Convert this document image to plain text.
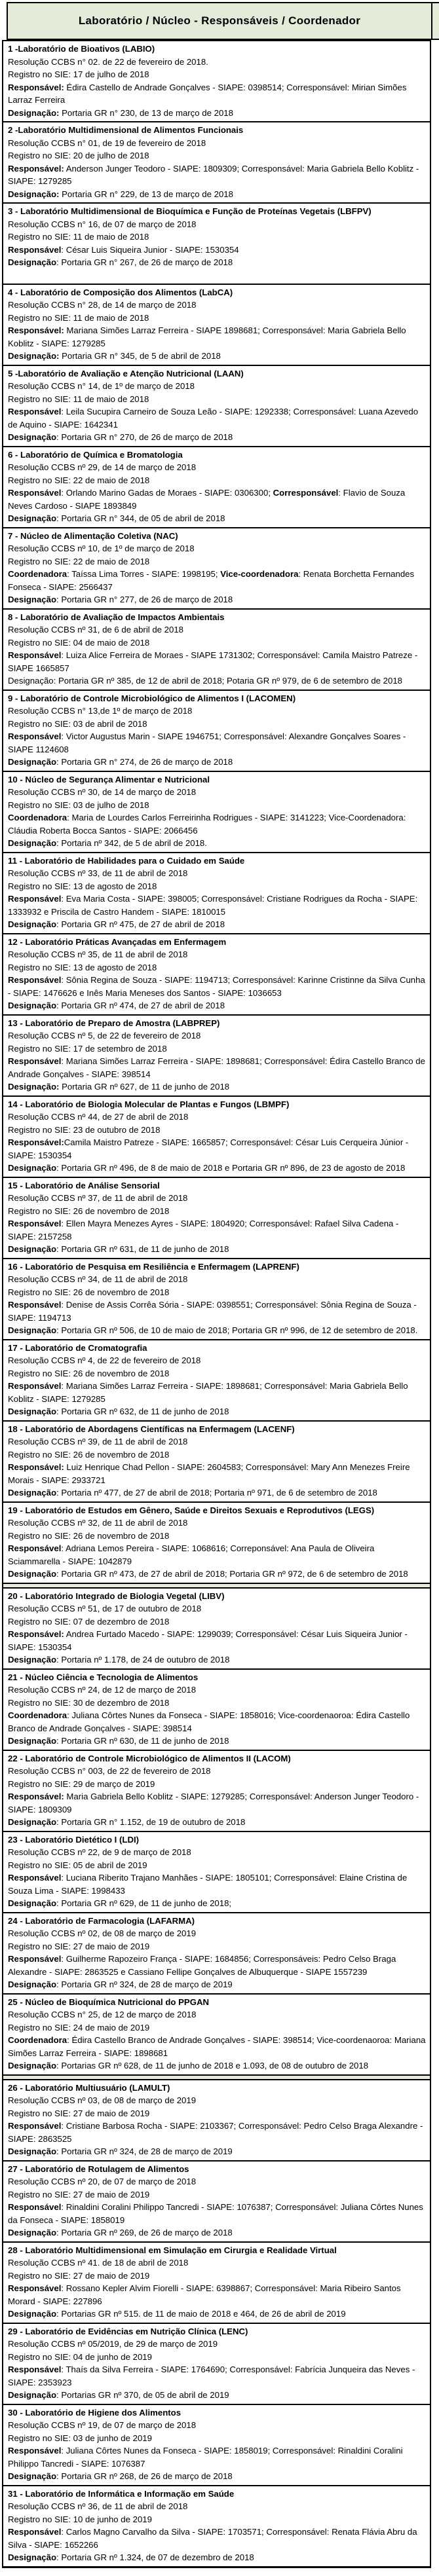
Laboratório / Núcleo - Responsáveis / Coordenador

1 -Laboratório de Bioativos (LABIO)

Resolução CCBS n° 02. de 22 de fevereiro de 2018.

Registro no SIE: 17 de julho de 2018

Responsável: Édira Castello de Andrade Gonçalves - SIAPE: 0398514; Corresponsável: Mirian Simões Larraz Ferreira

Designação: Portaria GR n° 230, de 13 de março de 2018

2 -Laboratório Multidimensional de Alimentos Funcionais

Resolução CCBS n° 01, de 19 de fevereiro de 2018

Registro no SIE: 20 de julho de 2018

Responsável: Anderson Junger Teodoro - SIAPE: 1809309; Corresponsável: Maria Gabriela Bello Koblitz - SIAPE: 1279285

Designação: Portaria GR n° 229, de 13 de março de 2018

3 - Laboratório Multidimensional de Bioquímica e Função de Proteínas Vegetais (LBFPV)

Resolução CCBS n° 16, de 07 de março de 2018

Registro no SIE: 11 de maio de 2018

Responsável: César Luis Siqueira Junior - SIAPE: 1530354

Designação: Portaria GR n° 267, de 26 de março de 2018

4 - Laboratório de Composição dos Alimentos (LabCA)

Resolução CCBS n° 28, de 14 de março de 2018

Registro no SIE: 11 de maio de 2018

Responsável: Mariana Simões Larraz Ferreira - SIAPE 1898681; Corresponsável: Maria Gabriela Bello Koblitz - SIAPE: 1279285

Designação: Portaria GR n° 345, de 5 de abril de 2018

5 -Laboratório de Avaliação e Atenção Nutricional (LAAN)

Resolução CCBS n° 14, de 1º de março de 2018

Registro no SIE: 11 de maio de 2018

Responsável: Leila Sucupira Carneiro de Souza Leão - SIAPE: 1292338; Corresponsável: Luana Azevedo de Aquino - SIAPE: 1642341

Designação: Portaria GR n° 270, de 26 de março de 2018

6 - Laboratório de Química e Bromatologia

Resolução CCBS nº 29, de 14 de março de 2018

Registro no SIE: 22 de maio de 2018

Responsável: Orlando Marino Gadas de Moraes - SIAPE: 0306300; Corresponsável: Flavio de Souza Neves Cardoso - SIAPE 1893849

Designação: Portaria GR n° 344, de 05 de abril de 2018

7 - Núcleo de Alimentação Coletiva (NAC)

Resolução CCBS nº 10, de 1º de março de 2018

Registro no SIE: 22 de maio de 2018

Coordenadora: Taíssa Lima Torres - SIAPE: 1998195; Vice-coordenadora: Renata Borchetta Fernandes Fonseca - SIAPE: 2566437

Designação: Portaria GR n° 277, de 26 de março de 2018

8 - Laboratório de Avaliação de Impactos Ambientais

Resolução CCBS nº 31, de 6 de abril de 2018

Registro no SIE: 04 de maio de 2018

Responsável: Luiza Alice Ferreira de Moraes - SIAPE 1731302; Corresponsável: Camila Maistro Patreze - SIAPE 1665857

Designação: Portaria GR nº 385, de 12 de abril de 2018; Potaria GR nº 979, de 6 de setembro de 2018

9 - Laboratório de Controle Microbiológico de Alimentos I (LACOMEN)

Resolução CCBS n° 13,de 1º de março de 2018

Registro no SIE: 03 de abril de 2018

Responsável: Victor Augustus Marin - SIAPE 1946751; Corresponsável: Alexandre Gonçalves Soares - SIAPE 1124608

Designação: Portaria GR n° 274, de 26 de março de 2018

10 - Núcleo de Segurança Alimentar e Nutricional

Resolução CCBS nº 30, de 14 de março de 2018

Registro no SIE: 03 de julho de 2018

Coordenadora: Maria de Lourdes Carlos Ferreirinha Rodrigues - SIAPE: 3141223; Vice-Coordenadora: Cláudia Roberta Bocca Santos - SIAPE: 2066456

Designação: Portaria nº 342, de 5 de abril de 2018.

11 - Laboratório de Habilidades para o Cuidado em Saúde

Resolução CCBS nº 33, de 11 de abril de 2018

Registro no SIE: 13 de agosto de 2018

Responsável: Eva Maria Costa - SIAPE: 398005; Corresponsável: Cristiane Rodrigues da Rocha - SIAPE: 1333932 e Priscila de Castro Handem - SIAPE: 1810015

Designação: Portaria GR nº 475, de 27 de abril de 2018

12 - Laboratório Práticas Avançadas em Enfermagem

Resolução CCBS nº 35, de 11 de abril de 2018

Registro no SIE: 13 de agosto de 2018

Responsável: Sônia Regina de Souza - SIAPE: 1194713; Corresponsável: Karinne Cristinne da Silva Cunha - SIAPE: 1476626 e Inês Maria Meneses dos Santos - SIAPE: 1036653

Designação: Portaria GR nº 474, de 27 de abril de 2018

13 - Laboratório de Preparo de Amostra (LABPREP)

Resolução CCBS nº 5, de 22 de fevereiro de 2018

Registro no SIE: 17 de setembro de 2018

Responsável: Mariana Simões Larraz Ferreira - SIAPE: 1898681; Corresponsável: Édira Castello Branco de Andrade Gonçalves - SIAPE: 398514

Designação: Portaria GR nº 627, de 11 de junho de 2018

14 - Laboratório de Biologia Molecular de Plantas e Fungos (LBMPF)

Resolução CCBS nº 44, de 27 de abril de 2018

Registro no SIE: 23 de outubro de 2018

Responsável:Camila Maistro Patreze - SIAPE: 1665857; Corresponsável: César Luis Cerqueira Júnior - SIAPE: 1530354

Designação: Portaria GR nº 496, de 8 de maio de 2018 e Portaria GR nº 896, de 23 de agosto de 2018

15 - Laboratório de Análise Sensorial

Resolução CCBS nº 37, de 11 de abril de 2018

Registro no SIE: 26 de novembro de 2018

Responsável: Ellen Mayra Menezes Ayres - SIAPE: 1804920; Corresponsável: Rafael Silva Cadena - SIAPE: 2157258

Designação: Portaria GR nº 631, de 11 de junho de 2018

16 - Laboratório de Pesquisa em Resiliência e Enfermagem (LAPRENF)

Resolução CCBS nº 34, de 11 de abril de 2018

Registro no SIE: 26 de novembro de 2018

Responsável: Denise de Assis Corrêa Sória - SIAPE: 0398551; Corresponsável: Sônia Regina de Souza - SIAPE: 1194713

Designação: Portaria GR nº 506, de 10 de maio de 2018; Portaria GR nº 996, de 12 de setembro de 2018.

17 - Laboratório de Cromatografia

Resolução CCBS nº 4, de 22 de fevereiro de 2018

Registro no SIE: 26 de novembro de 2018

Responsável: Mariana Simões Larraz Ferreira - SIAPE: 1898681; Corresponsável: Maria Gabriela Bello Koblitz - SIAPE: 1279285

Designação: Portaria GR nº 632, de 11 de junho de 2018

18 - Laboratório de Abordagens Científicas na Enfermagem (LACENF)

Resolução CCBS nº 39, de 11 de abril de 2018

Registro no SIE: 26 de novembro de 2018

Responsável: Luiz Henrique Chad Pellon - SIAPE: 2604583; Corresponsável: Mary Ann Menezes Freire Morais - SIAPE: 2933721

Designação: Portaria nº 477, de 27 de abril de 2018; Portaria nº 971, de 6 de setembro de 2018

19 - Laboratório de Estudos em Gênero, Saúde e Direitos Sexuais e Reprodutivos (LEGS)

Resolução CCBS nº 32, de 11 de abril de 2018

Registro no SIE: 26 de novembro de 2018

Responsável: Adriana Lemos Pereira - SIAPE: 1068616; Correponsável: Ana Paula de Oliveira Sciammarella - SIAPE: 1042879

Designação: Portaria GR nº 473, de 27 de abril de 2018; Portaria GR nº 972, de 6 de setembro de 2018

20 - Laboratório Integrado de Biologia Vegetal (LIBV)

Resolução CCBS nº 51, de 17 de outubro de 2018

Registro no SIE: 07 de dezembro de 2018

Responsável: Andrea Furtado Macedo - SIAPE: 1299039; Corresponsável: César Luis Siqueira Junior - SIAPE: 1530354

Designação: Portaria nº 1.178, de 24 de outubro de 2018

21 - Núcleo Ciência e Tecnologia de Alimentos

Resolução CCBS nº 24, de 12 de março de 2018

Registro no SIE: 30 de dezembro de 2018

Coordenadora: Juliana Côrtes Nunes da Fonseca - SIAPE: 1858016; Vice-coordenaoroa: Édira Castello Branco de Andrade Gonçalves - SIAPE: 398514

Designação: Portaria GR nº 630, de 11 de junho de 2018

22 - Laboratório de Controle Microbiológico de Alimentos II (LACOM)

Resolução CCBS n° 003, de 22 de fevereiro de 2018

Registro no SIE: 29 de março de 2019

Responsável: Maria Gabriela Bello Koblitz - SIAPE: 1279285; Corresponsável: Anderson Junger Teodoro - SIAPE: 1809309

Designação: Portaria GR n° 1.152, de 19 de outubro de 2018

23 - Laboratório Dietético I (LDI)

Resolução CCBS nº 22, de 9 de março de 2018

Registro no SIE: 05 de abril de 2019

Responsável: Luciana Riberito Trajano Manhães - SIAPE: 1805101; Corresponsável: Elaine Cristina de Souza Lima - SIAPE: 1998433

Designação: Portaria GR nº 629, de 11 de junho de 2018;

24 - Laboratório de Farmacologia (LAFARMA)

Resolução CCBS nº 02, de 08 de março de 2019

Registro no SIE: 27 de maio de 2019

Responsável: Guilherme Rapozeiro França - SIAPE: 1684856; Corresponsáveis: Pedro Celso Braga Alexandre - SIAPE: 2863525 e Cassiano Fellipe Gonçalves de Albuquerque - SIAPE 1557239

Designação: Portaria GR nº 324, de 28 de março de 2019

25 - Núcleo de Bioquímica Nutricional do PPGAN

Resolução CCBS n° 25, de 12 de março de 2018

Registro no SIE: 24 de maio de 2019

Coordenadora: Édira Castello Branco de Andrade Gonçalves - SIAPE: 398514; Vice-coordenaoroa: Mariana Simões Larraz Ferreira - SIAPE: 1898681

Designação: Portarias GR nº 628, de 11 de junho de 2018 e 1.093, de 08 de outubro de 2018

26 - Laboratório Multiusuário (LAMULT)

Resolução CCBS nº 03, de 08 de março de 2019

Registro no SIE: 27 de maio de 2019

Responsável: Cristiane Barbosa Rocha - SIAPE: 2103367; Corresponsável: Pedro Celso Braga Alexandre - SIAPE: 2863525

Designação: Portaria GR nº 324, de 28 de março de 2019

27 - Laboratório de Rotulagem de Alimentos

Resolução CCBS nº 20, de 07 de março de 2018

Registro no SIE: 27 de maio de 2019

Responsável: Rinaldini Coralini Philippo Tancredi - SIAPE: 1076387; Corresponsável: Juliana Côrtes Nunes da Fonseca - SIAPE: 1858019

Designação: Portaria GR nº 269, de 26 de março de 2018

28 - Laboratório Multidimensional em Simulação em Cirurgia e Realidade Virtual

Resolução CCBS nº 41. de 18 de abril de 2018

Registro no SIE: 27 de maio de 2019

Responsável: Rossano Kepler Alvim Fiorelli - SIAPE: 6398867; Corresponsável: Maria Ribeiro Santos Morard - SIAPE: 227896

Designação: Portarias GR nº 515. de 11 de maio de 2018 e 464, de 26 de abril de 2019

29 - Laboratório de Evidências em Nutrição Clínica (LENC)

Resolução CCBS nº 05/2019, de 29 de março de 2019

Registro no SIE: 04 de junho de 2019

Responsável: Thaís da Silva Ferreira - SIAPE: 1764690; Corresponsável: Fabrícia Junqueira das Neves - SIAPE: 2353923

Designação: Portarias GR nº 370, de 05 de abril de 2019

30 - Laboratório de Higiene dos Alimentos

Resolução CCBS nº 19, de 07 de março de 2018

Registro no SIE: 03 de junho de 2019

Responsável: Juliana Côrtes Nunes da Fonseca - SIAPE: 1858019; Corresponsável: Rinaldini Coralini Philippo Tancredi - SIAPE: 1076387

Designação: Portaria GR nº 268, de 26 de março de 2018

31 - Laboratório de Informática e Informação em Saúde

Resolução CCBS nº 36, de 11 de abril de 2018

Registro no SIE: 10 de junho de 2019

Responsável: Carlos Magno Carvalho da Silva - SIAPE: 1703571; Corresponsável: Renata Flávia Abru da Silva - SIAPE: 1652266

Designação: Portaria GR nº 1.324, de 07 de dezembro de 2018
